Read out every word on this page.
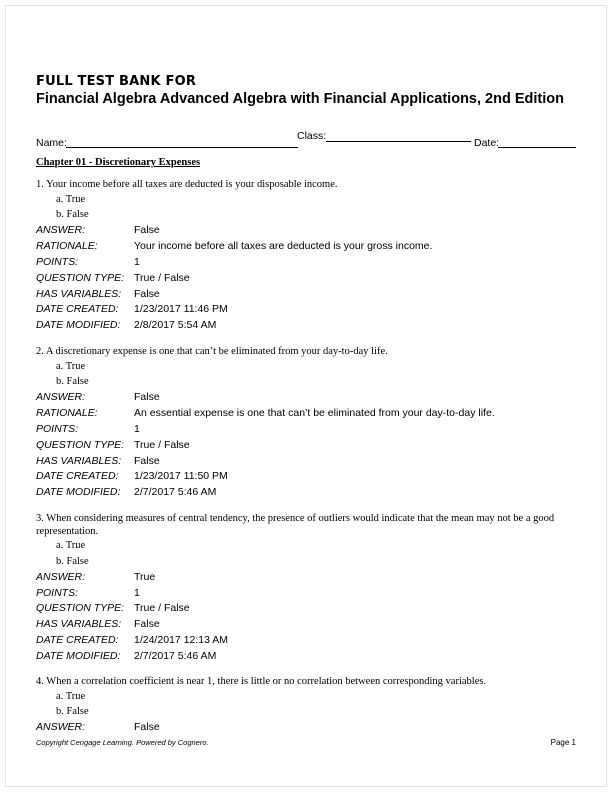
FULL TEST BANK FOR
Financial Algebra Advanced Algebra with Financial Applications, 2nd Edition
Name:
Class:
Date:
Chapter 01 - Discretionary Expenses

1. Your income before all taxes are deducted is your disposable income.

a. True
b. False
ANSWER:	False
RATIONALE:	Your income before all taxes are deducted is your gross income.
POINTS:	1
QUESTION TYPE: True / False
HAS VARIABLES:	False
DATE CREATED:	1/23/2017 11:46 PM
DATE MODIFIED:	2/8/2017 5:54 AM

2. A discretionary expense is one that can’t be eliminated from your day-to-day life.

a. True
b. False
ANSWER:	False
RATIONALE:	An essential expense is one that can’t be eliminated from your day-to-day life.
POINTS:	1
QUESTION TYPE: True / False
HAS VARIABLES:	False
DATE CREATED:	1/23/2017 11:50 PM
DATE MODIFIED:	2/7/2017 5:46 AM

3. When considering measures of central tendency, the presence of outliers would indicate that the mean may not be a good representation.

a. True
b. False
ANSWER:	True
POINTS:	1
QUESTION TYPE: True / False
HAS VARIABLES:	False
DATE CREATED:	1/24/2017 12:13 AM
DATE MODIFIED:	2/7/2017 5:46 AM

4. When a correlation coefficient is near 1, there is little or no correlation between corresponding variables.

a. True
b. False
ANSWER:	False
Copyright Cengage Learning. Powered by Cognero.	Page 1
